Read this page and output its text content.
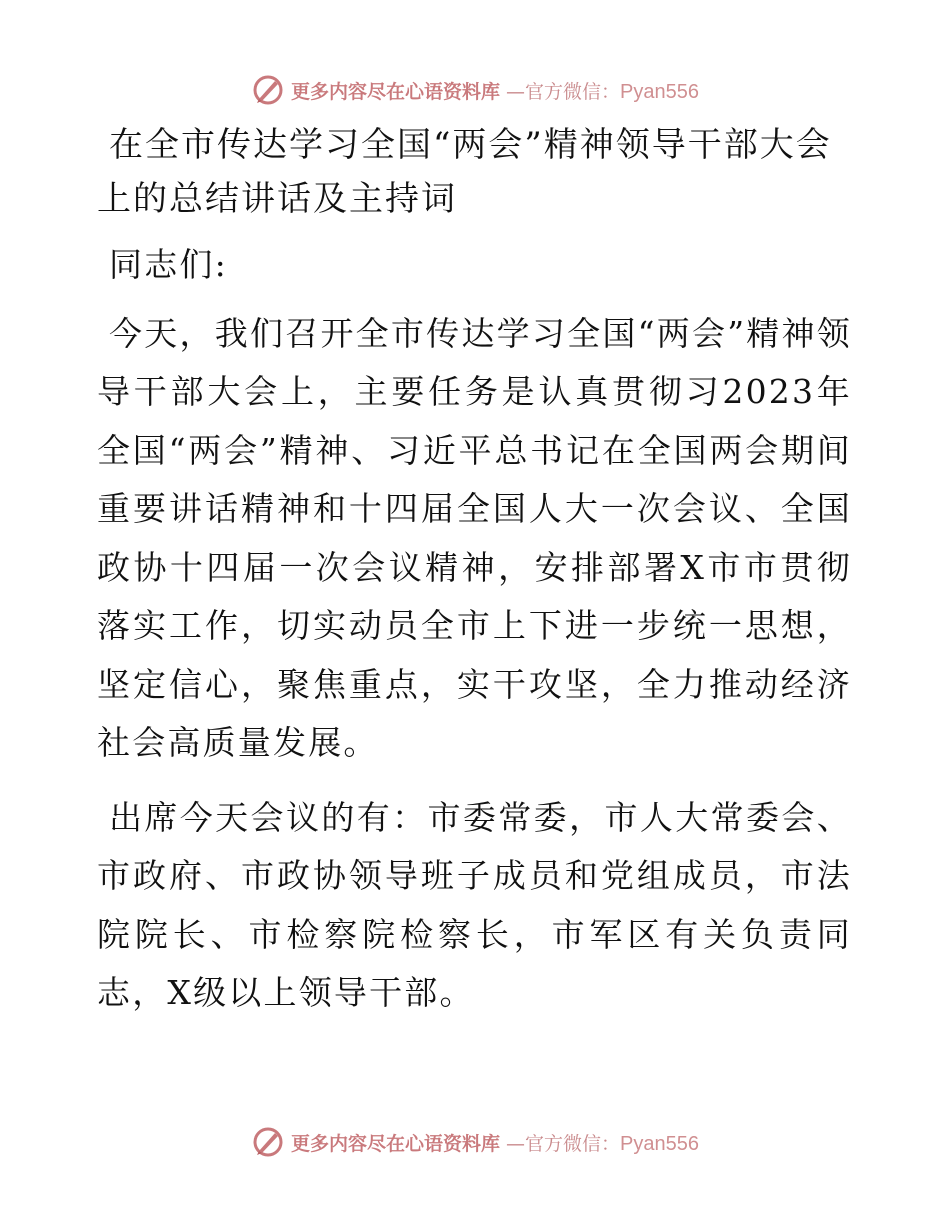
更多内容尽在心语资料库 —官方微信：Pyan556
在全市传达学习全国“两会”精神领导干部大会上的总结讲话及主持词

同志们:

今天，我们召开全市传达学习全国“两会”精神领导干部大会上，主要任务是认真贯彻习2023年全国“两会”精神、习近平总书记在全国两会期间重要讲话精神和十四届全国人大一次会议、全国政协十四届一次会议精神，安排部署X市市贯彻落实工作，切实动员全市上下进一步统一思想，坚定信心，聚焦重点，实干攻坚，全力推动经济社会高质量发展。

出席今天会议的有：市委常委，市人大常委会、市政府、市政协领导班子成员和党组成员，市法院院长、市检察院检察长，市军区有关负责同志，X级以上领导干部。

更多内容尽在心语资料库 —官方微信：Pyan556
